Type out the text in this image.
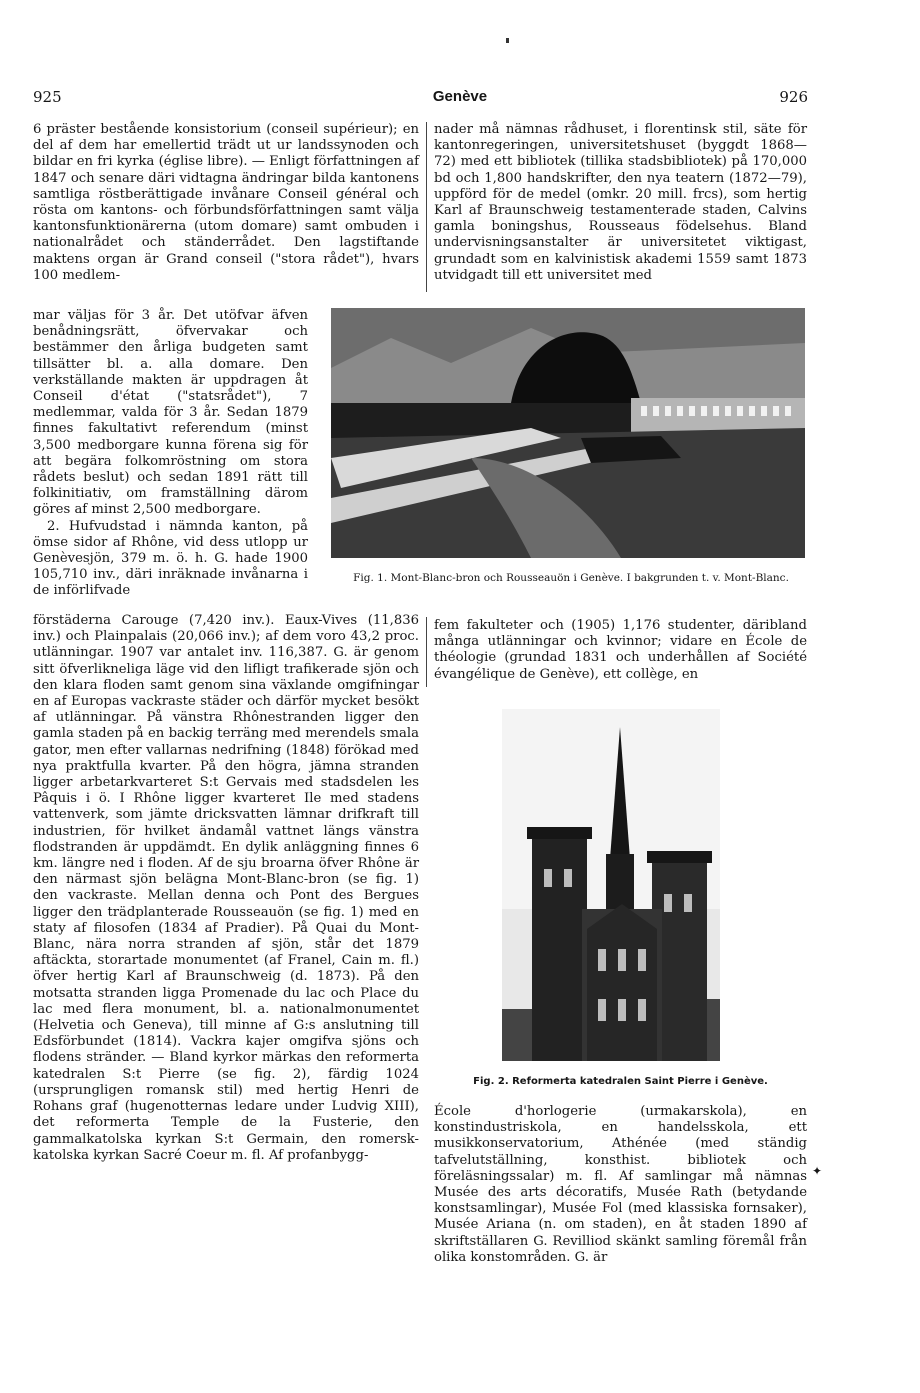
925	Genève	926

6 präster bestående konsistorium (conseil supérieur); en del af dem har emellertid trädt ut ur landssynoden och bildar en fri kyrka (église libre). — Enligt författningen af 1847 och senare däri vidtagna ändringar bilda kantonens samtliga röstberättigade invånare Conseil général och rösta om kantons- och förbundsförfattningen samt välja kantonsfunktionärerna (utom domare) samt ombuden i nationalrådet och ständerrådet. Den lagstiftande maktens organ är Grand conseil ("stora rådet"), hvars 100 medlem-

mar väljas för 3 år. Det utöfvar äfven benådningsrätt, öfvervakar och bestämmer den årliga budgeten samt tillsätter bl. a. alla domare. Den verkställande makten är uppdragen åt Conseil d'état ("statsrådet"), 7 medlemmar, valda för 3 år. Sedan 1879 finnes fakultativt referendum (minst 3,500 medborgare kunna förena sig för att begära folkomröstning om stora rådets beslut) och sedan 1891 rätt till folkinitiativ, om framställning därom göres af minst 2,500 medborgare.

2. Hufvudstad i nämnda kanton, på ömse sidor af Rhône, vid dess utlopp ur Genèvesjön, 379 m. ö. h. G. hade 1900 105,710 inv., däri inräknade invånarna i de införlifvade

förstäderna Carouge (7,420 inv.). Eaux-Vives (11,836 inv.) och Plainpalais (20,066 inv.); af dem voro 43,2 proc. utlänningar. 1907 var antalet inv. 116,387. G. är genom sitt öfverlikneliga läge vid den lifligt trafikerade sjön och den klara floden samt genom sina växlande omgifningar en af Europas vackraste städer och därför mycket besökt af utlänningar. På vänstra Rhônestranden ligger den gamla staden på en backig terräng med merendels smala gator, men efter vallarnas nedrifning (1848) förökad med nya praktfulla kvarter. På den högra, jämna stranden ligger arbetarkvarteret S:t Gervais med stadsdelen les Pâquis i ö. I Rhône ligger kvarteret Ile med stadens vattenverk, som jämte dricksvatten lämnar drifkraft till industrien, för hvilket ändamål vattnet längs vänstra flodstranden är uppdämdt. En dylik anläggning finnes 6 km. längre ned i floden. Af de sju broarna öfver Rhône är den närmast sjön belägna Mont-Blanc-bron (se fig. 1) den vackraste. Mellan denna och Pont des Bergues ligger den trädplanterade Rousseauön (se fig. 1) med en staty af filosofen (1834 af Pradier). På Quai du Mont-Blanc, nära norra stranden af sjön, står det 1879 aftäckta, storartade monumentet (af Franel, Cain m. fl.) öfver hertig Karl af Braunschweig (d. 1873). På den motsatta stranden ligga Promenade du lac och Place du lac med flera monument, bl. a. nationalmonumentet (Helvetia och Geneva), till minne af G:s anslutning till Edsförbundet (1814). Vackra kajer omgifva sjöns och flodens stränder. — Bland kyrkor märkas den reformerta katedralen S:t Pierre (se fig. 2), färdig 1024 (ursprungligen romansk stil) med hertig Henri de Rohans graf (hugenotternas ledare under Ludvig XIII), det reformerta Temple de la Fusterie, den gammalkatolska kyrkan S:t Germain, den romersk-katolska kyrkan Sacré Coeur m. fl. Af profanbygg-

nader må nämnas rådhuset, i florentinsk stil, säte för kantonregeringen, universitetshuset (byggdt 1868—72) med ett bibliotek (tillika stadsbibliotek) på 170,000 bd och 1,800 handskrifter, den nya teatern (1872—79), uppförd för de medel (omkr. 20 mill. frcs), som hertig Karl af Braunschweig testamenterade staden, Calvins gamla boningshus, Rousseaus födelsehus. Bland undervisningsanstalter är universitetet viktigast, grundadt som en kalvinistisk akademi 1559 samt 1873 utvidgadt till ett universitet med

Fig. 1. Mont-Blanc-bron och Rousseauön i Genève. I bakgrunden t. v. Mont-Blanc.

fem fakulteter och (1905) 1,176 studenter, däribland många utlänningar och kvinnor; vidare en École de théologie (grundad 1831 och underhållen af Société évangélique de Genève), ett collège, en

Fig. 2. Reformerta katedralen Saint Pierre i Genève.

École d'horlogerie (urmakarskola), en konstindustriskola, en handelsskola, ett musikkonservatorium, Athénée (med ständig tafvelutställning, konsthist. bibliotek och föreläsningssalar) m. fl. Af samlingar må nämnas Musée des arts décoratifs, Musée Rath (betydande konstsamlingar), Musée Fol (med klassiska fornsaker), Musée Ariana (n. om staden), en åt staden 1890 af skriftställaren G. Revilliod skänkt samling föremål från olika konstområden. G. är

✦
